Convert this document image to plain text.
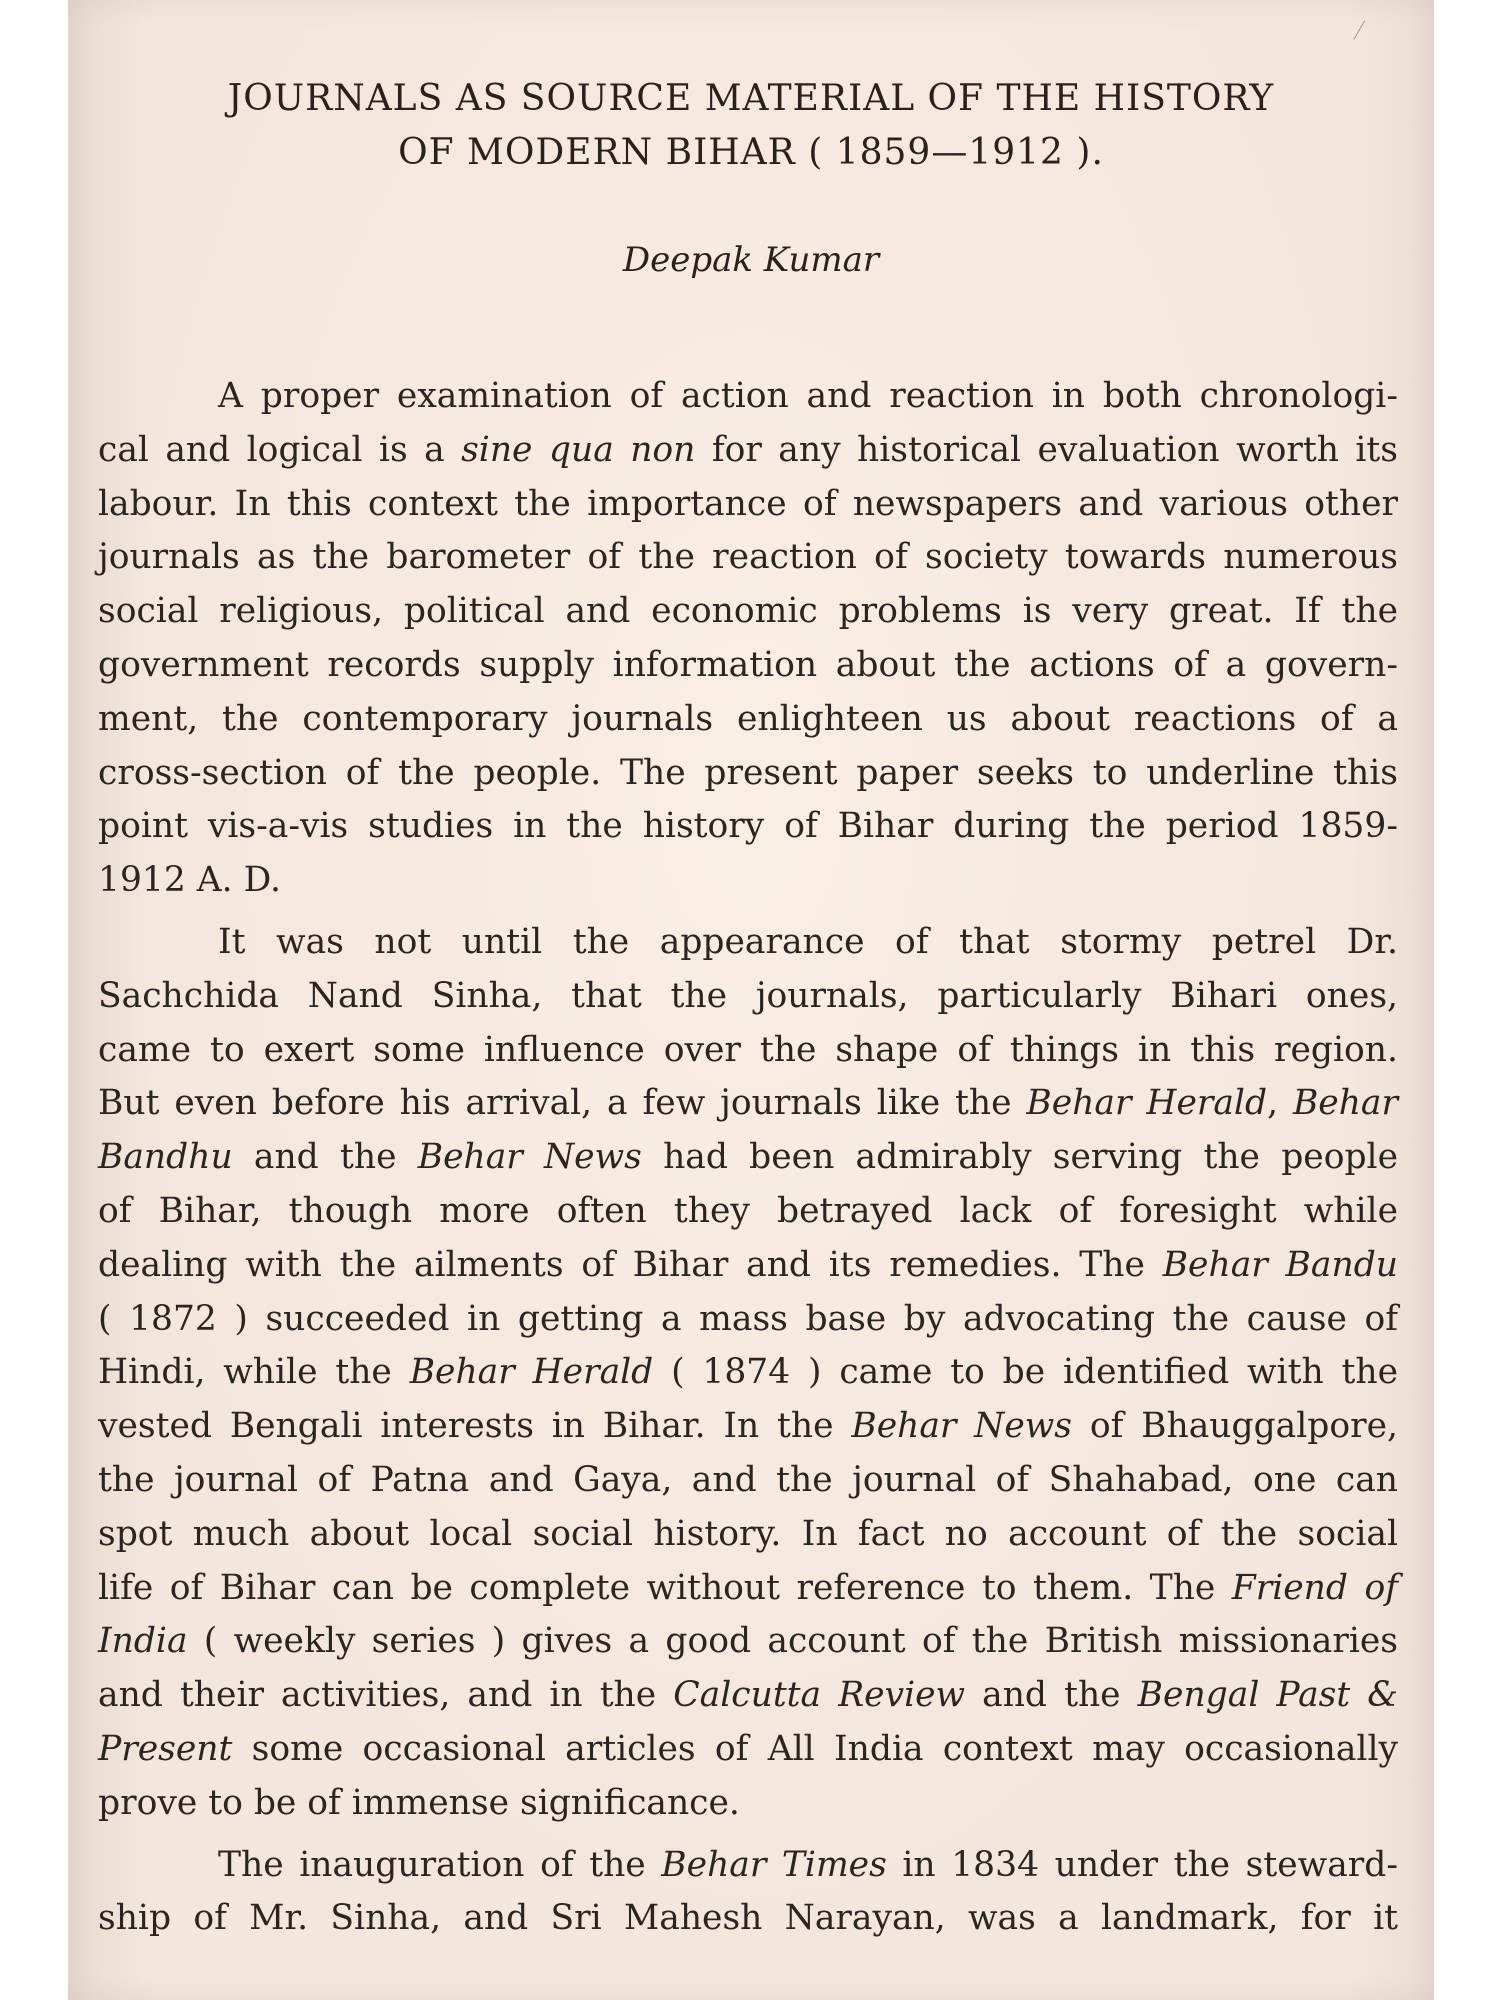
JOURNALS AS SOURCE MATERIAL OF THE HISTORY
OF MODERN BIHAR ( 1859—1912 ).

Deepak Kumar

A proper examination of action and reaction in both chronologi-
cal and logical is a sine qua non for any historical evaluation worth its
labour. In this context the importance of newspapers and various other
journals as the barometer of the reaction of society towards numerous
social religious, political and economic problems is very great. If the
government records supply information about the actions of a govern-
ment, the contemporary journals enlighteen us about reactions of a
cross-section of the people. The present paper seeks to underline this
point vis-a-vis studies in the history of Bihar during the period 1859-
1912 A. D.
It was not until the appearance of that stormy petrel Dr.
Sachchida Nand Sinha, that the journals, particularly Bihari ones,
came to exert some influence over the shape of things in this region.
But even before his arrival, a few journals like the Behar Herald, Behar
Bandhu and the Behar News had been admirably serving the people
of Bihar, though more often they betrayed lack of foresight while
dealing with the ailments of Bihar and its remedies. The Behar Bandu
( 1872 ) succeeded in getting a mass base by advocating the cause of
Hindi, while the Behar Herald ( 1874 ) came to be identified with the
vested Bengali interests in Bihar. In the Behar News of Bhauggalpore,
the journal of Patna and Gaya, and the journal of Shahabad, one can
spot much about local social history. In fact no account of the social
life of Bihar can be complete without reference to them. The Friend of
India ( weekly series ) gives a good account of the British missionaries
and their activities, and in the Calcutta Review and the Bengal Past &
Present some occasional articles of All India context may occasionally
prove to be of immense significance.
The inauguration of the Behar Times in 1834 under the steward-
ship of Mr. Sinha, and Sri Mahesh Narayan, was a landmark, for it
